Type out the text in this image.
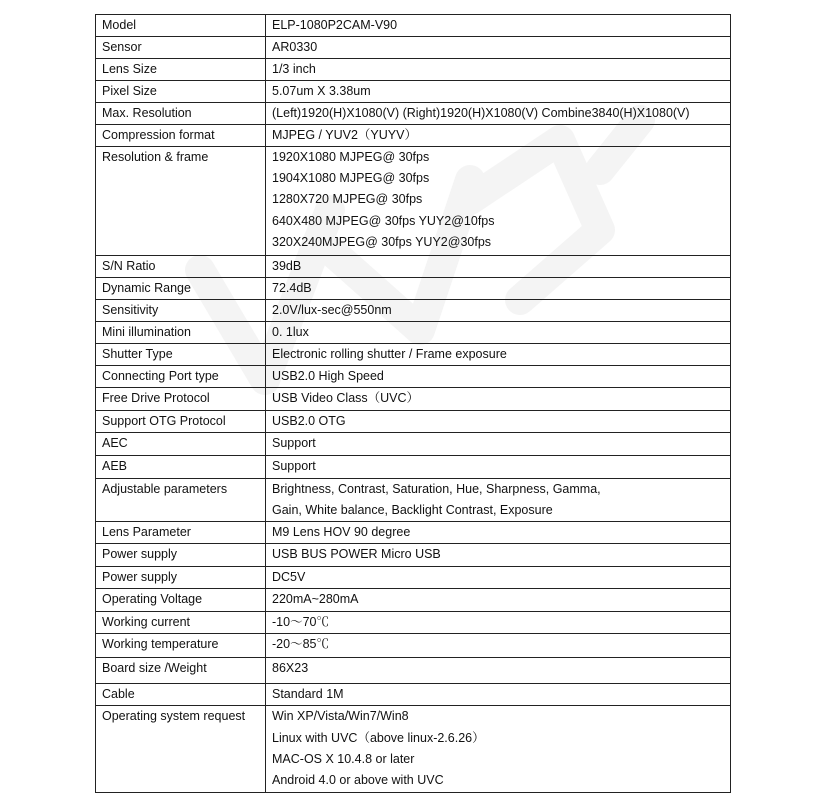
Model	ELP-1080P2CAM-V90

Sensor	AR0330

Lens Size	1/3 inch

Pixel Size	5.07um X 3.38um

Max. Resolution	(Left)1920(H)X1080(V) (Right)1920(H)X1080(V) Combine3840(H)X1080(V)

Compression format	MJPEG / YUV2（YUYV）

Resolution & frame	1920X1080 MJPEG@ 30fps
1904X1080 MJPEG@ 30fps
1280X720 MJPEG@ 30fps
640X480 MJPEG@ 30fps YUY2@10fps
320X240MJPEG@ 30fps YUY2@30fps

S/N Ratio	39dB

Dynamic Range	72.4dB

Sensitivity	2.0V/lux-sec@550nm

Mini illumination	0. 1lux

Shutter Type	Electronic rolling shutter / Frame exposure

Connecting Port type	USB2.0 High Speed

Free Drive Protocol	USB Video Class（UVC）

Support OTG Protocol	USB2.0 OTG

AEC	Support

AEB	Support

Adjustable parameters	Brightness, Contrast, Saturation, Hue, Sharpness, Gamma,
Gain, White balance, Backlight Contrast, Exposure

Lens Parameter	M9 Lens HOV 90 degree

Power supply	USB BUS POWER Micro USB

Power supply	DC5V

Operating Voltage	220mA~280mA

Working current	-10～70℃

Working temperature	-20～85℃

Board size /Weight	86X23

Cable	Standard 1M

Operating system request	Win XP/Vista/Win7/Win8
Linux with UVC（above linux-2.6.26）
MAC-OS X 10.4.8 or later
Android 4.0 or above with UVC
